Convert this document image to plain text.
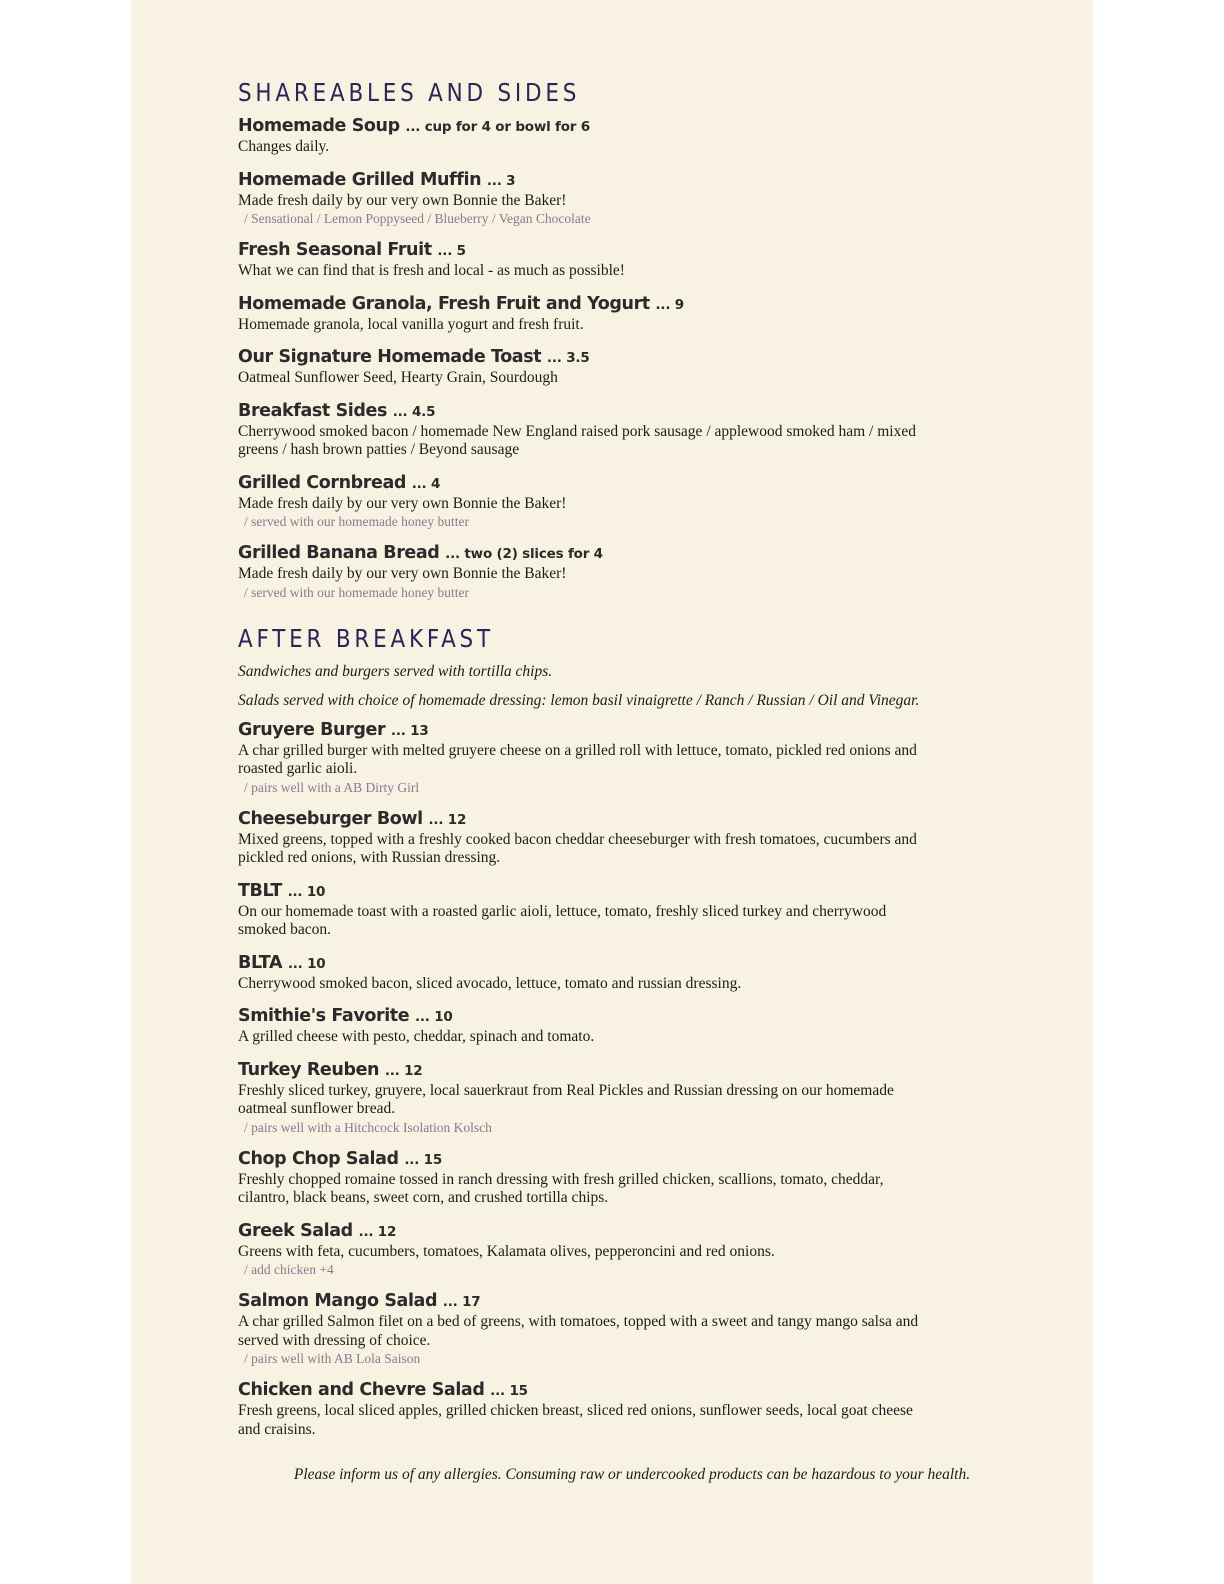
SHAREABLES AND SIDES
Homemade Soup ... cup for 4 or bowl for 6
Changes daily.
Homemade Grilled Muffin ... 3
Made fresh daily by our very own Bonnie the Baker!
/ Sensational / Lemon Poppyseed / Blueberry / Vegan Chocolate
Fresh Seasonal Fruit ... 5
What we can find that is fresh and local - as much as possible!
Homemade Granola, Fresh Fruit and Yogurt ... 9
Homemade granola, local vanilla yogurt and fresh fruit.
Our Signature Homemade Toast ... 3.5
Oatmeal Sunflower Seed, Hearty Grain, Sourdough
Breakfast Sides ... 4.5
Cherrywood smoked bacon / homemade New England raised pork sausage / applewood smoked ham / mixed greens / hash brown patties / Beyond sausage
Grilled Cornbread ... 4
Made fresh daily by our very own Bonnie the Baker!
/ served with our homemade honey butter
Grilled Banana Bread ... two (2) slices for 4
Made fresh daily by our very own Bonnie the Baker!
/ served with our homemade honey butter
AFTER BREAKFAST
Sandwiches and burgers served with tortilla chips.
Salads served with choice of homemade dressing: lemon basil vinaigrette / Ranch / Russian / Oil and Vinegar.
Gruyere Burger ... 13
A char grilled burger with melted gruyere cheese on a grilled roll with lettuce, tomato, pickled red onions and roasted garlic aioli.
/ pairs well with a AB Dirty Girl
Cheeseburger Bowl ... 12
Mixed greens, topped with a freshly cooked bacon cheddar cheeseburger with fresh tomatoes, cucumbers and pickled red onions, with Russian dressing.
TBLT ... 10
On our homemade toast with a roasted garlic aioli, lettuce, tomato, freshly sliced turkey and cherrywood smoked bacon.
BLTA ... 10
Cherrywood smoked bacon, sliced avocado, lettuce, tomato and russian dressing.
Smithie's Favorite ... 10
A grilled cheese with pesto, cheddar, spinach and tomato.
Turkey Reuben ... 12
Freshly sliced turkey, gruyere, local sauerkraut from Real Pickles and Russian dressing on our homemade oatmeal sunflower bread.
/ pairs well with a Hitchcock Isolation Kolsch
Chop Chop Salad ... 15
Freshly chopped romaine tossed in ranch dressing with fresh grilled chicken, scallions, tomato, cheddar, cilantro, black beans, sweet corn, and crushed tortilla chips.
Greek Salad ... 12
Greens with feta, cucumbers, tomatoes, Kalamata olives, pepperoncini and red onions.
/ add chicken +4
Salmon Mango Salad ... 17
A char grilled Salmon filet on a bed of greens, with tomatoes, topped with a sweet and tangy mango salsa and served with dressing of choice.
/ pairs well with AB Lola Saison
Chicken and Chevre Salad ... 15
Fresh greens, local sliced apples, grilled chicken breast, sliced red onions, sunflower seeds, local goat cheese and craisins.
Please inform us of any allergies. Consuming raw or undercooked products can be hazardous to your health.
